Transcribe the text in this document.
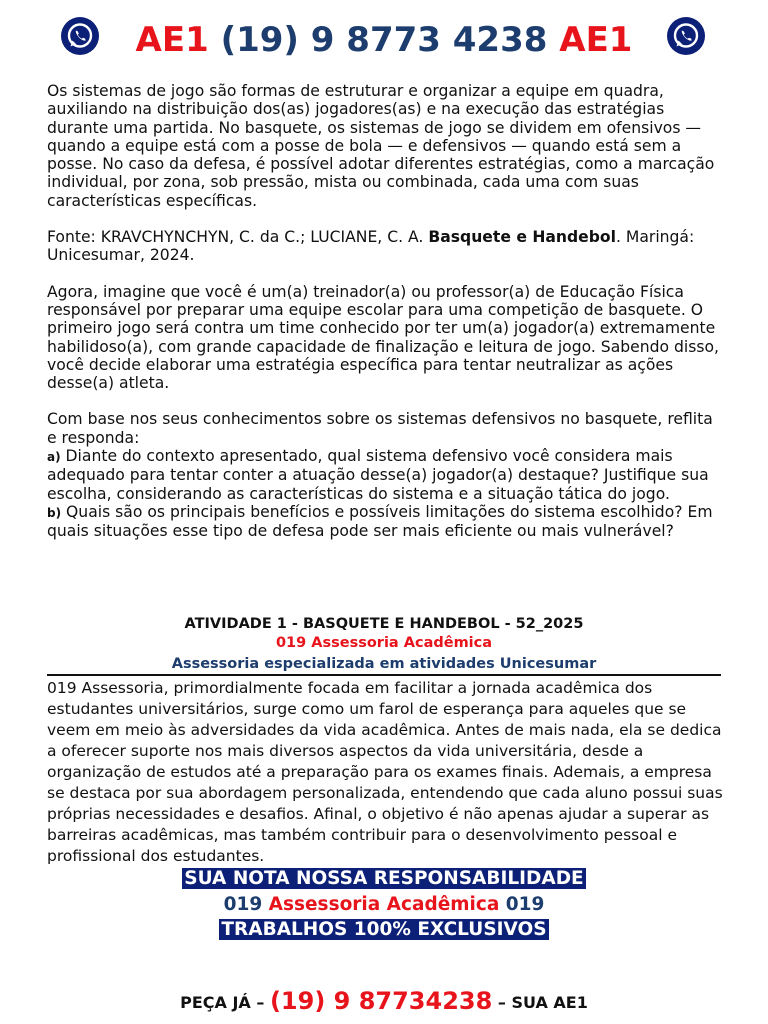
AE1 (19) 9 8773 4238 AE1

Os sistemas de jogo são formas de estruturar e organizar a equipe em quadra, auxiliando na distribuição dos(as) jogadores(as) e na execução das estratégias durante uma partida. No basquete, os sistemas de jogo se dividem em ofensivos — quando a equipe está com a posse de bola — e defensivos — quando está sem a posse. No caso da defesa, é possível adotar diferentes estratégias, como a marcação individual, por zona, sob pressão, mista ou combinada, cada uma com suas características específicas.

Fonte: KRAVCHYNCHYN, C. da C.; LUCIANE, C. A. Basquete e Handebol. Maringá: Unicesumar, 2024.

Agora, imagine que você é um(a) treinador(a) ou professor(a) de Educação Física responsável por preparar uma equipe escolar para uma competição de basquete. O primeiro jogo será contra um time conhecido por ter um(a) jogador(a) extremamente habilidoso(a), com grande capacidade de finalização e leitura de jogo. Sabendo disso, você decide elaborar uma estratégia específica para tentar neutralizar as ações desse(a) atleta.

Com base nos seus conhecimentos sobre os sistemas defensivos no basquete, reflita e responda:

a) Diante do contexto apresentado, qual sistema defensivo você considera mais adequado para tentar conter a atuação desse(a) jogador(a) destaque? Justifique sua escolha, considerando as características do sistema e a situação tática do jogo.

b) Quais são os principais benefícios e possíveis limitações do sistema escolhido? Em quais situações esse tipo de defesa pode ser mais eficiente ou mais vulnerável?

ATIVIDADE 1 - BASQUETE E HANDEBOL - 52_2025
019 Assessoria Acadêmica
Assessoria especializada em atividades Unicesumar
019 Assessoria, primordialmente focada em facilitar a jornada acadêmica dos estudantes universitários, surge como um farol de esperança para aqueles que se veem em meio às adversidades da vida acadêmica. Antes de mais nada, ela se dedica a oferecer suporte nos mais diversos aspectos da vida universitária, desde a organização de estudos até a preparação para os exames finais. Ademais, a empresa se destaca por sua abordagem personalizada, entendendo que cada aluno possui suas próprias necessidades e desafios. Afinal, o objetivo é não apenas ajudar a superar as barreiras acadêmicas, mas também contribuir para o desenvolvimento pessoal e profissional dos estudantes.
SUA NOTA NOSSA RESPONSABILIDADE
019 Assessoria Acadêmica 019
TRABALHOS 100% EXCLUSIVOS
PEÇA JÁ – (19) 9 87734238 – SUA AE1
